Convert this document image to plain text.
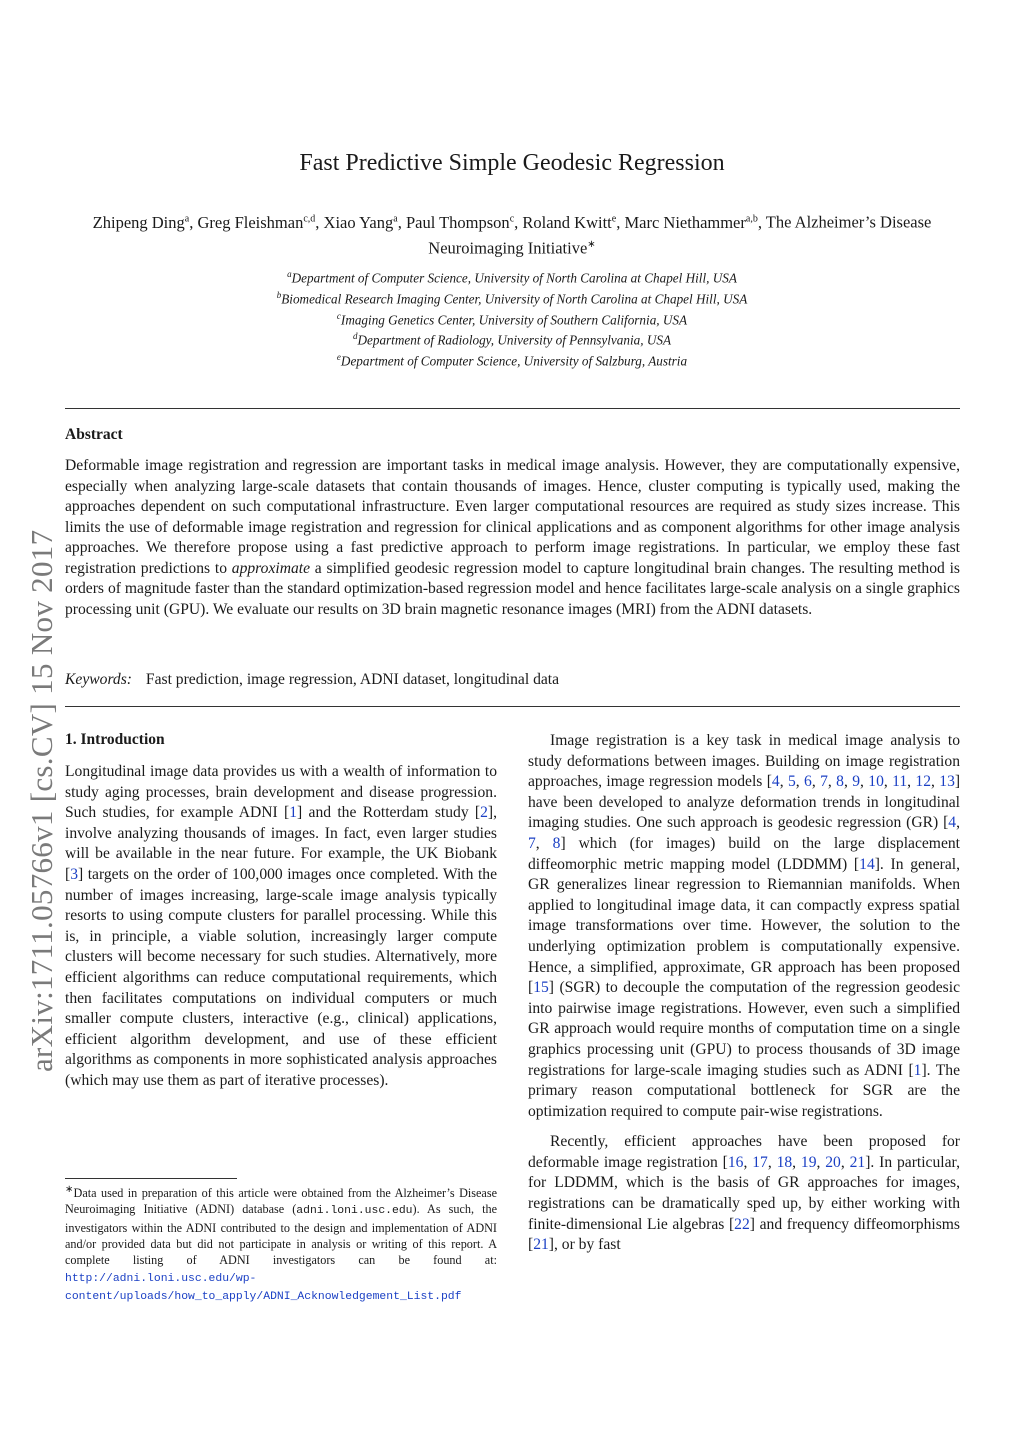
arXiv:1711.05766v1 [cs.CV] 15 Nov 2017
Fast Predictive Simple Geodesic Regression
Zhipeng Ding$^a$, Greg Fleishman$^{c,d}$, Xiao Yang$^a$, Paul Thompson$^c$, Roland Kwitt$^e$, Marc Niethammer$^{a,b}$, The Alzheimer’s Disease Neuroimaging Initiative∗
$^a$Department of Computer Science, University of North Carolina at Chapel Hill, USA
$^b$Biomedical Research Imaging Center, University of North Carolina at Chapel Hill, USA
$^c$Imaging Genetics Center, University of Southern California, USA
$^d$Department of Radiology, University of Pennsylvania, USA
$^e$Department of Computer Science, University of Salzburg, Austria
Abstract

Deformable image registration and regression are important tasks in medical image analysis. However, they are computationally expensive, especially when analyzing large-scale datasets that contain thousands of images. Hence, cluster computing is typically used, making the approaches dependent on such computational infrastructure. Even larger computational resources are required as study sizes increase. This limits the use of deformable image registration and regression for clinical applications and as component algorithms for other image analysis approaches. We therefore propose using a fast predictive approach to perform image registrations. In particular, we employ these fast registration predictions to approximate a simplified geodesic regression model to capture longitudinal brain changes. The resulting method is orders of magnitude faster than the standard optimization-based regression model and hence facilitates large-scale analysis on a single graphics processing unit (GPU). We evaluate our results on 3D brain magnetic resonance images (MRI) from the ADNI datasets.

Keywords: Fast prediction, image regression, ADNI dataset, longitudinal data
1. Introduction

Longitudinal image data provides us with a wealth of information to study aging processes, brain development and disease progression. Such studies, for example ADNI [1] and the Rotterdam study [2], involve analyzing thousands of images. In fact, even larger studies will be available in the near future. For example, the UK Biobank [3] targets on the order of 100,000 images once completed. With the number of images increasing, large-scale image analysis typically resorts to using compute clusters for parallel processing. While this is, in principle, a viable solution, increasingly larger compute clusters will become necessary for such studies. Alternatively, more efficient algorithms can reduce computational requirements, which then facilitates computations on individual computers or much smaller compute clusters, interactive (e.g., clinical) applications, efficient algorithm development, and use of these efficient algorithms as components in more sophisticated analysis approaches (which may use them as part of iterative processes).

Image registration is a key task in medical image analysis to study deformations between images. Building on image registration approaches, image regression models [4, 5, 6, 7, 8, 9, 10, 11, 12, 13] have been developed to analyze deformation trends in longitudinal imaging studies. One such approach is geodesic regression (GR) [4, 7, 8] which (for images) build on the large displacement diffeomorphic metric mapping model (LDDMM) [14]. In general, GR generalizes linear regression to Riemannian manifolds. When applied to longitudinal image data, it can compactly express spatial image transformations over time. However, the solution to the underlying optimization problem is computationally expensive. Hence, a simplified, approximate, GR approach has been proposed [15] (SGR) to decouple the computation of the regression geodesic into pairwise image registrations. However, even such a simplified GR approach would require months of computation time on a single graphics processing unit (GPU) to process thousands of 3D image registrations for large-scale imaging studies such as ADNI [1]. The primary reason computational bottleneck for SGR are the optimization required to compute pair-wise registrations.

Recently, efficient approaches have been proposed for deformable image registration [16, 17, 18, 19, 20, 21]. In particular, for LDDMM, which is the basis of GR approaches for images, registrations can be dramatically sped up, by either working with finite-dimensional Lie algebras [22] and frequency diffeomorphisms [21], or by fast

∗Data used in preparation of this article were obtained from the Alzheimer’s Disease Neuroimaging Initiative (ADNI) database (adni.loni.usc.edu). As such, the investigators within the ADNI contributed to the design and implementation of ADNI and/or provided data but did not participate in analysis or writing of this report. A complete listing of ADNI investigators can be found at: http://adni.loni.usc.edu/wp-content/uploads/how_to_apply/ADNI_Acknowledgement_List.pdf
